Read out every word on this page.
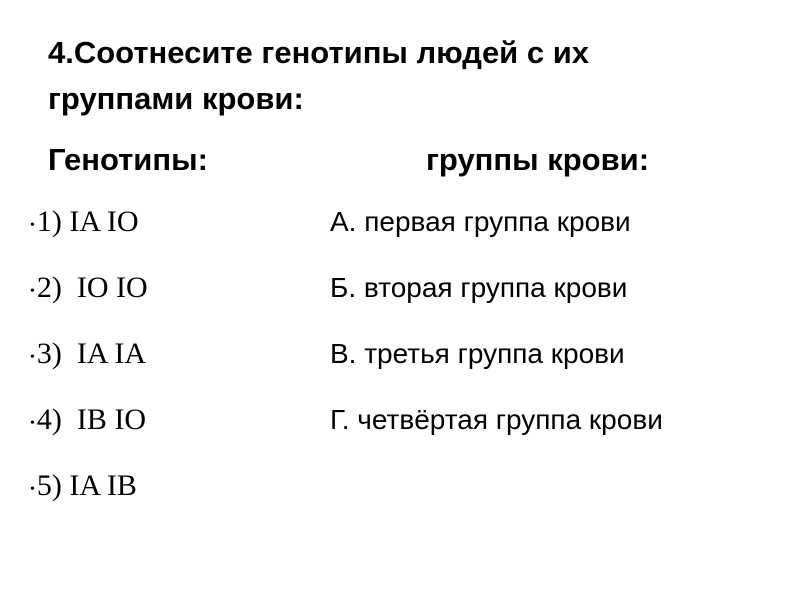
4.Соотнесите генотипы людей с их
группами крови:
Генотипы:	группы крови:
•1) IA IO	А. первая группа крови
•2)  IO IO	Б. вторая группа крови
•3)  IA IA	В. третья группа крови
•4)  IB IO	Г. четвёртая группа крови
•5) IA IB
